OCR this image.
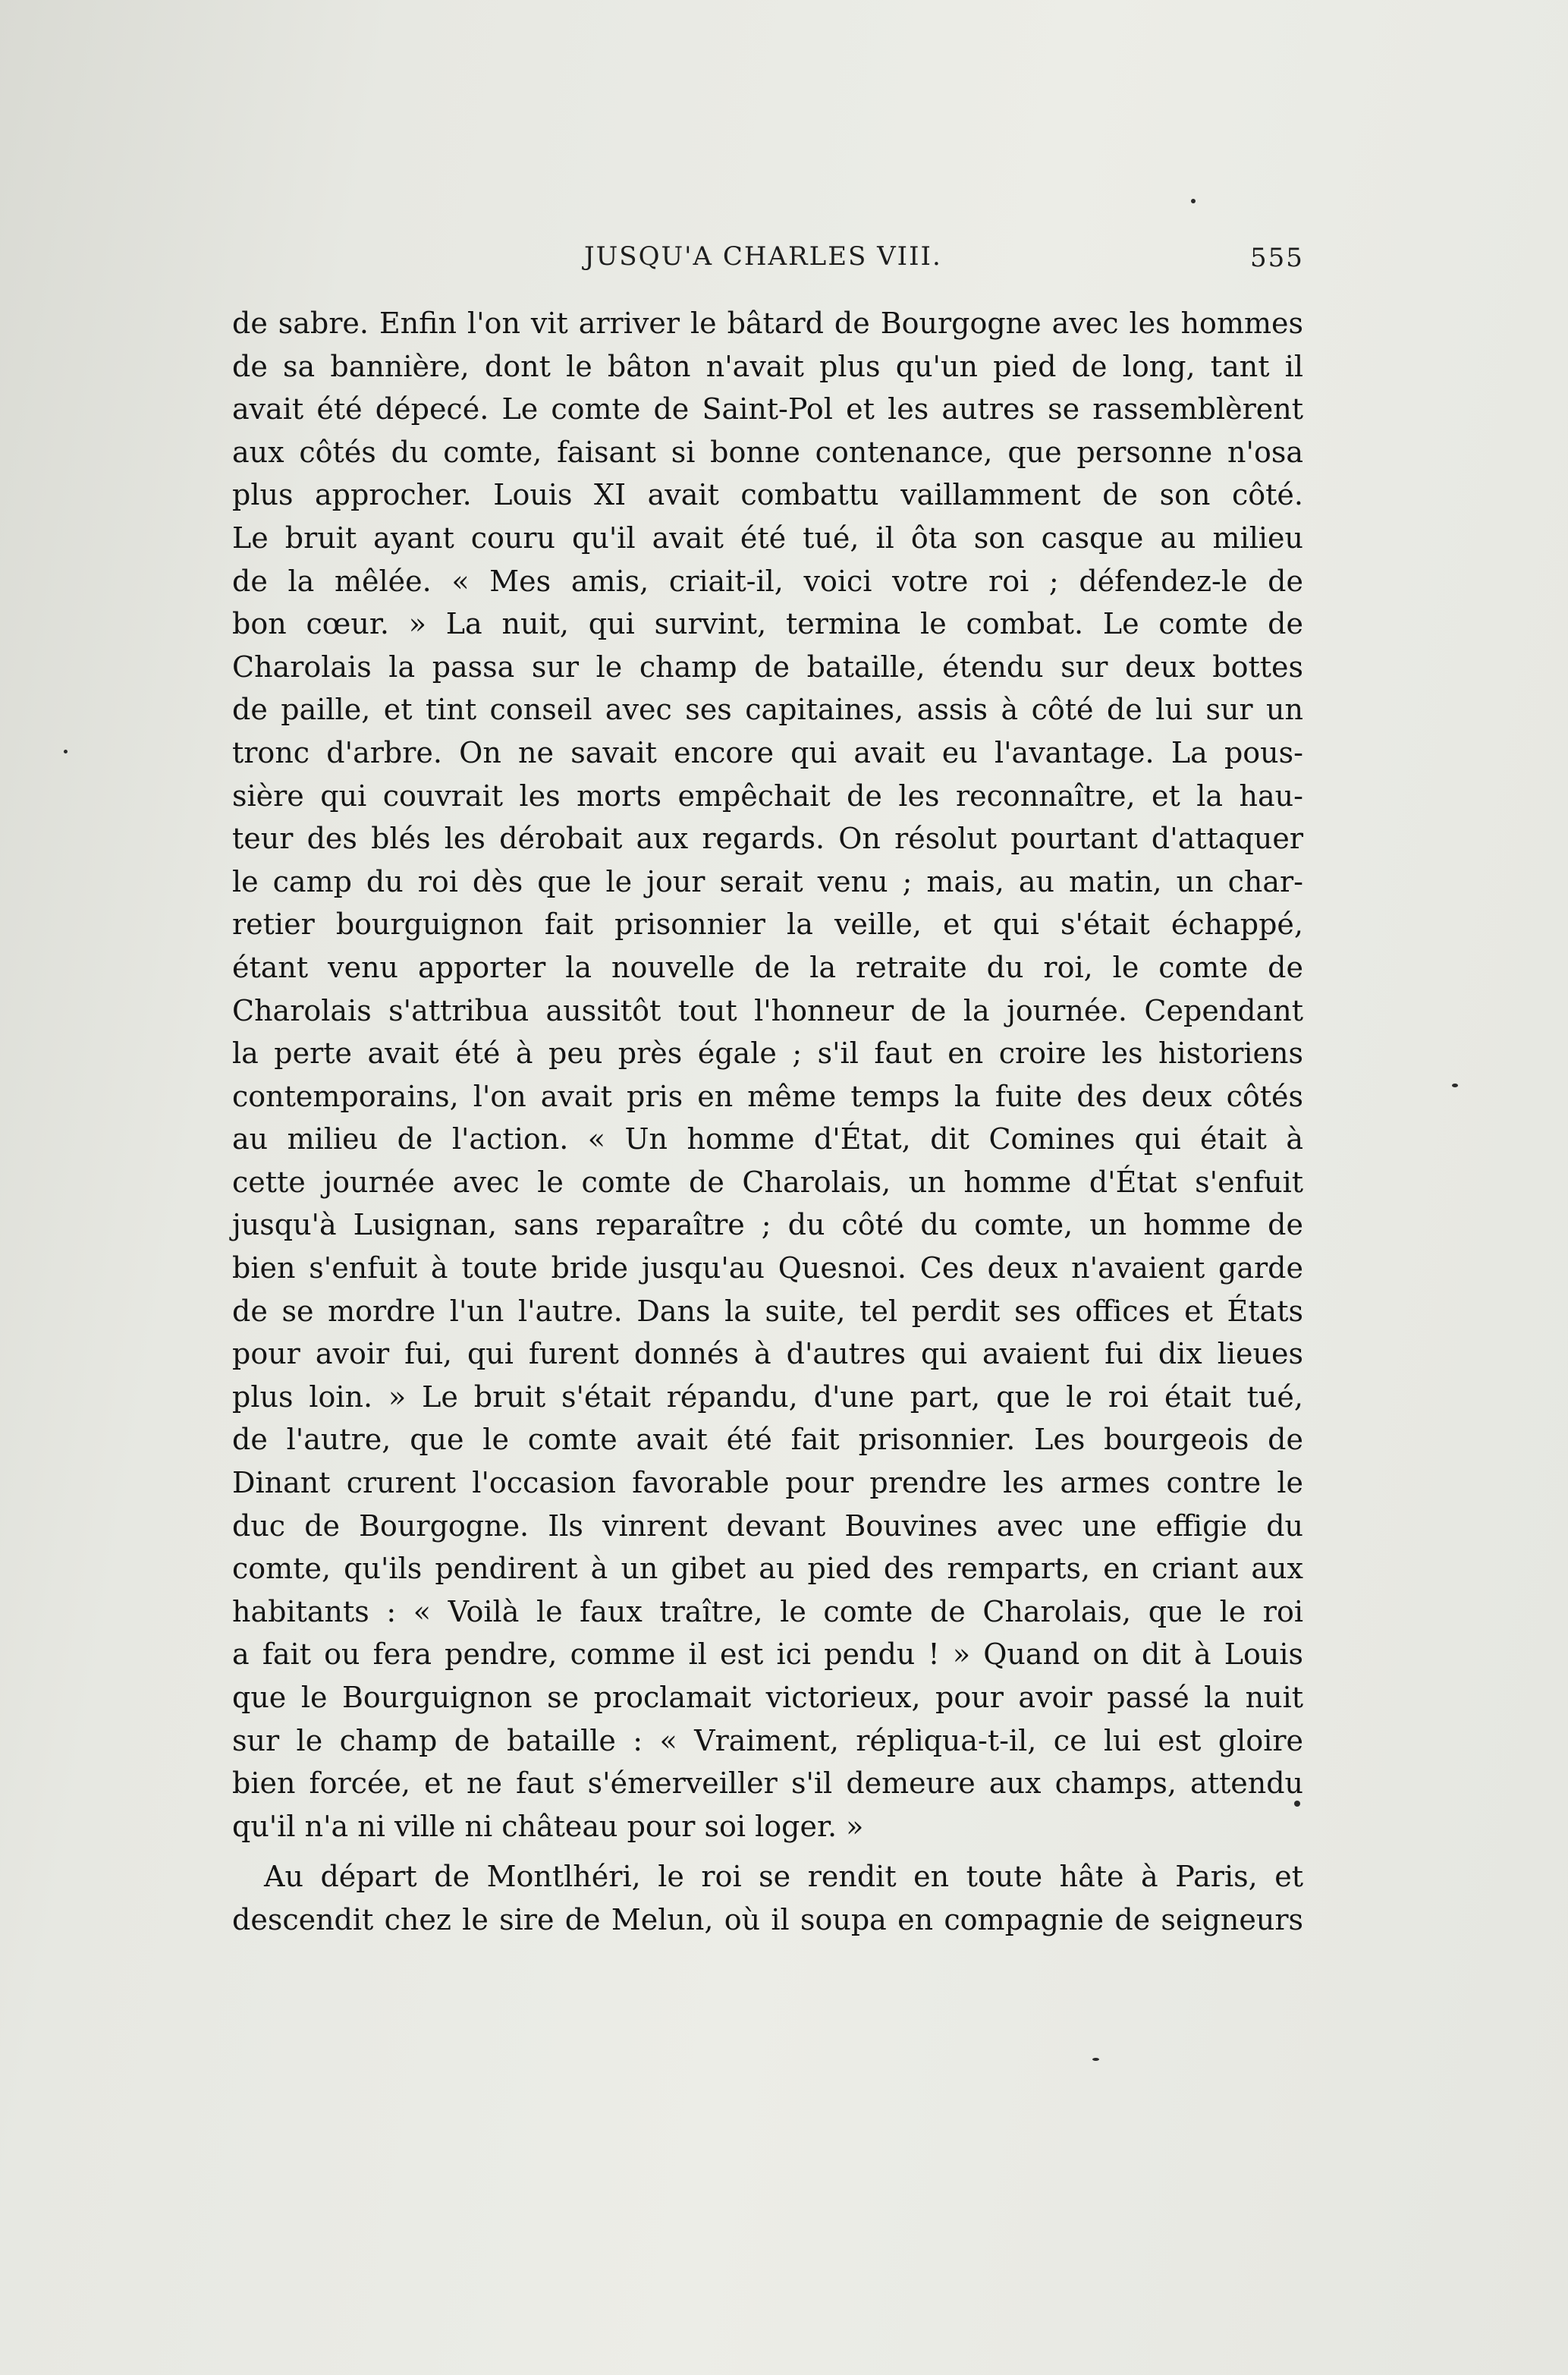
JUSQU'A CHARLES VIII.	555
de sabre. Enfin l'on vit arriver le bâtard de Bourgogne avec les hommes
de sa bannière, dont le bâton n'avait plus qu'un pied de long, tant il
avait été dépecé. Le comte de Saint-Pol et les autres se rassemblèrent
aux côtés du comte, faisant si bonne contenance, que personne n'osa
plus approcher. Louis XI avait combattu vaillamment de son côté.
Le bruit ayant couru qu'il avait été tué, il ôta son casque au milieu
de la mêlée. « Mes amis, criait-il, voici votre roi ; défendez-le de
bon cœur. » La nuit, qui survint, termina le combat. Le comte de
Charolais la passa sur le champ de bataille, étendu sur deux bottes
de paille, et tint conseil avec ses capitaines, assis à côté de lui sur un
tronc d'arbre. On ne savait encore qui avait eu l'avantage. La pous-
sière qui couvrait les morts empêchait de les reconnaître, et la hau-
teur des blés les dérobait aux regards. On résolut pourtant d'attaquer
le camp du roi dès que le jour serait venu ; mais, au matin, un char-
retier bourguignon fait prisonnier la veille, et qui s'était échappé,
étant venu apporter la nouvelle de la retraite du roi, le comte de
Charolais s'attribua aussitôt tout l'honneur de la journée. Cependant
la perte avait été à peu près égale ; s'il faut en croire les historiens
contemporains, l'on avait pris en même temps la fuite des deux côtés
au milieu de l'action. « Un homme d'État, dit Comines qui était à
cette journée avec le comte de Charolais, un homme d'État s'enfuit
jusqu'à Lusignan, sans reparaître ; du côté du comte, un homme de
bien s'enfuit à toute bride jusqu'au Quesnoi. Ces deux n'avaient garde
de se mordre l'un l'autre. Dans la suite, tel perdit ses offices et États
pour avoir fui, qui furent donnés à d'autres qui avaient fui dix lieues
plus loin. » Le bruit s'était répandu, d'une part, que le roi était tué,
de l'autre, que le comte avait été fait prisonnier. Les bourgeois de
Dinant crurent l'occasion favorable pour prendre les armes contre le
duc de Bourgogne. Ils vinrent devant Bouvines avec une effigie du
comte, qu'ils pendirent à un gibet au pied des remparts, en criant aux
habitants : « Voilà le faux traître, le comte de Charolais, que le roi
a fait ou fera pendre, comme il est ici pendu ! » Quand on dit à Louis
que le Bourguignon se proclamait victorieux, pour avoir passé la nuit
sur le champ de bataille : « Vraiment, répliqua-t-il, ce lui est gloire
bien forcée, et ne faut s'émerveiller s'il demeure aux champs, attendu
qu'il n'a ni ville ni château pour soi loger. »
Au départ de Montlhéri, le roi se rendit en toute hâte à Paris, et
descendit chez le sire de Melun, où il soupa en compagnie de seigneurs
